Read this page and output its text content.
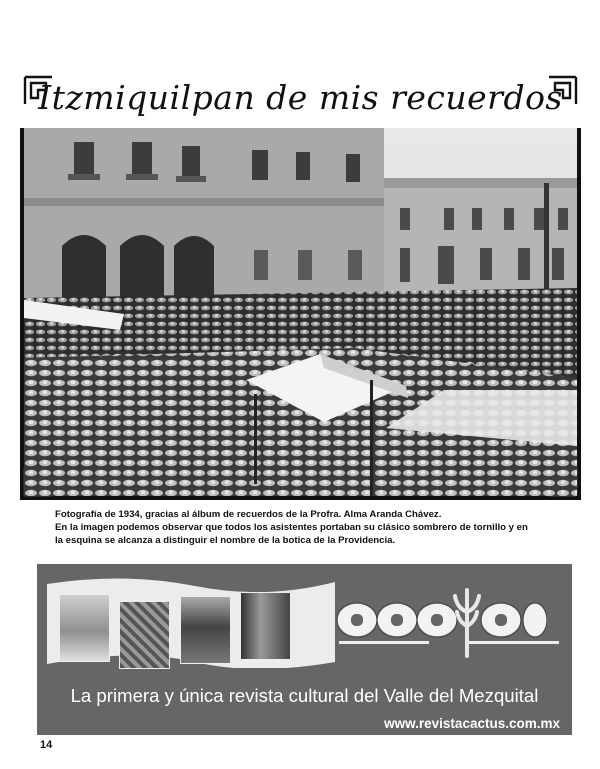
Itzmiquilpan de mis recuerdos
Fotografía de 1934, gracias al álbum de recuerdos de la Profra. Alma Aranda Chávez.
En la imagen podemos observar que todos los asistentes portaban su clásico sombrero de tornillo y en
la esquina se alcanza a distinguir el nombre de la botica de la Providencia.
La primera y única revista cultural del Valle del Mezquital
www.revistacactus.com.mx
14
